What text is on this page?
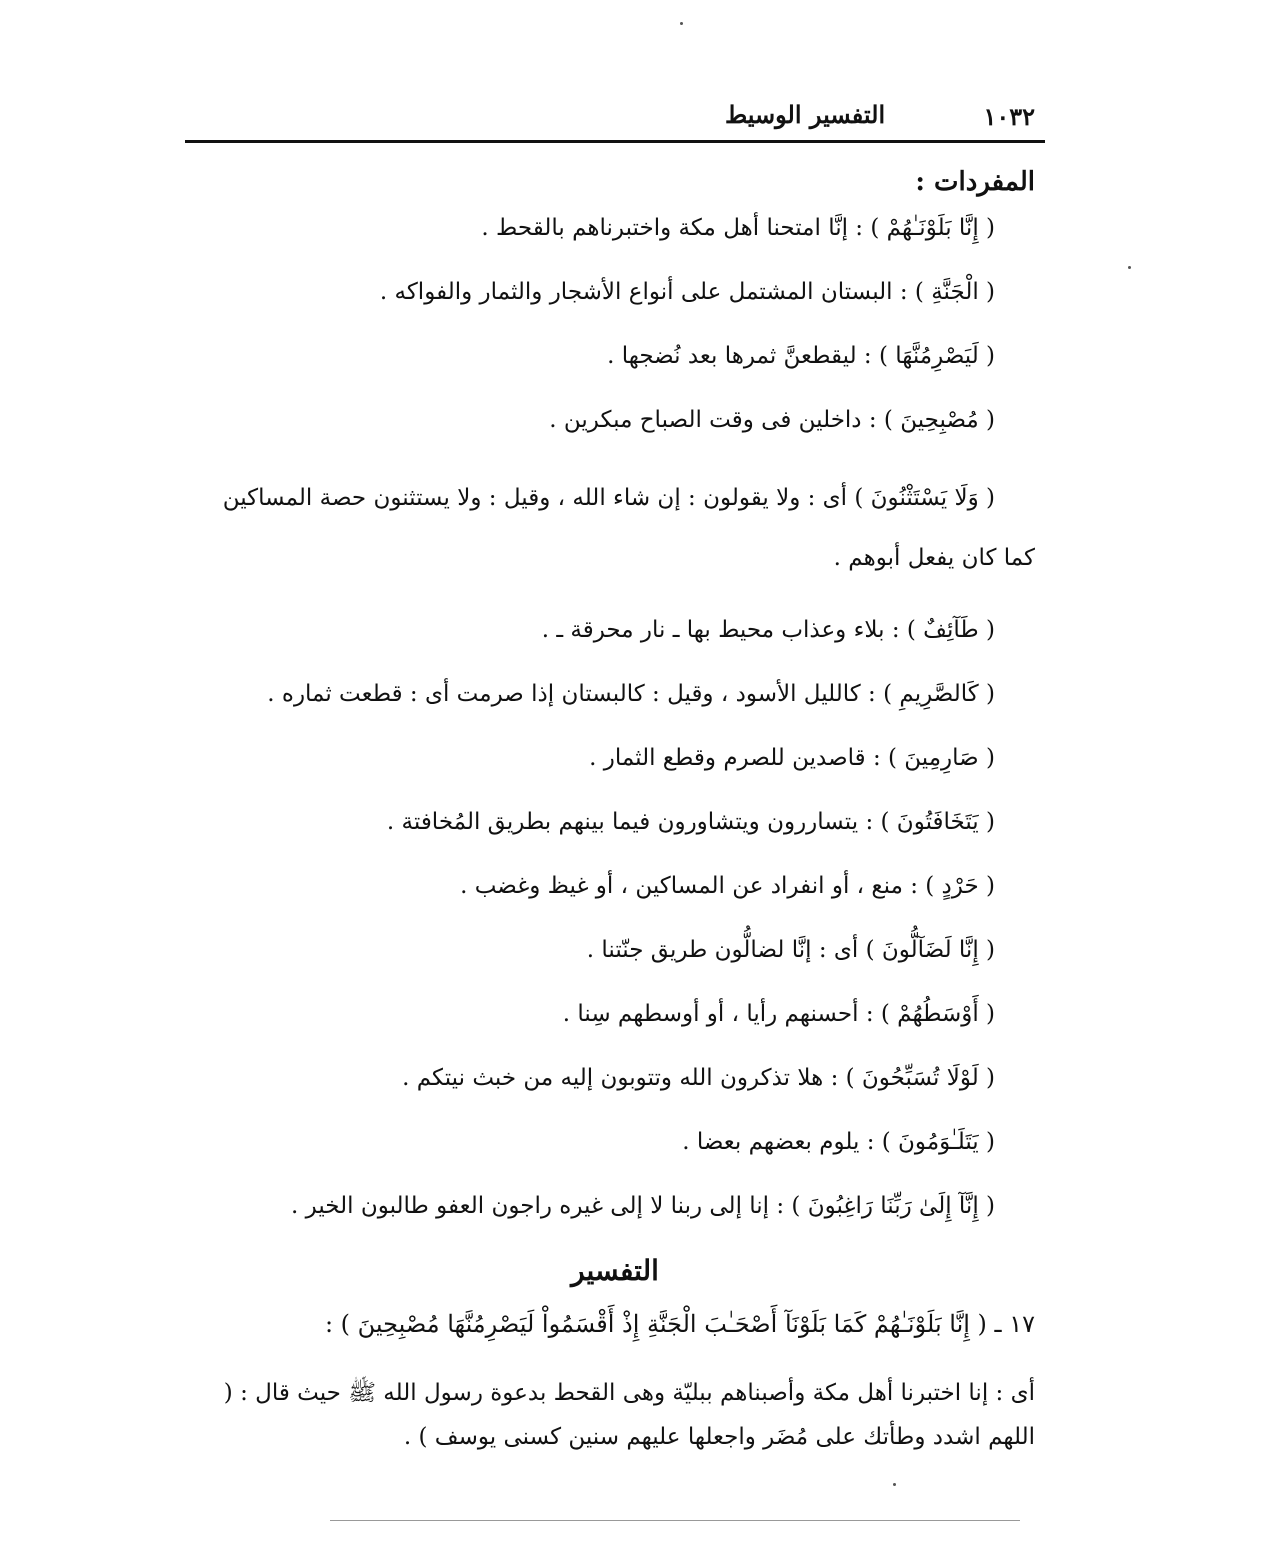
١٠٣٢
التفسير الوسيط
المفردات :
( إِنَّا بَلَوْنَـٰهُمْ ) : إنَّا امتحنا أهل مكة واختبرناهم بالقحط .
( الْجَنَّةِ ) : البستان المشتمل على أنواع الأشجار والثمار والفواكه .
( لَيَصْرِمُنَّهَا ) : ليقطعنَّ ثمرها بعد نُضجها .
( مُصْبِحِينَ ) : داخلين فى وقت الصباح مبكرين .
( وَلَا يَسْتَثْنُونَ ) أى : ولا يقولون : إن شاء الله ، وقيل : ولا يستثنون حصة المساكين كما كان يفعل أبوهم .
( طَآئِفٌ ) : بلاء وعذاب محيط بها ـ نار محرقة ـ .
( كَالصَّرِيمِ ) : كالليل الأسود ، وقيل : كالبستان إذا صرمت أى : قطعت ثماره .
( صَارِمِينَ ) : قاصدين للصرم وقطع الثمار .
( يَتَخَافَتُونَ ) : يتساررون ويتشاورون فيما بينهم بطريق المُخافتة .
( حَرْدٍ ) : منع ، أو انفراد عن المساكين ، أو غيظ وغضب .
( إِنَّا لَضَآلُّونَ ) أى : إنَّا لضالُّون طريق جنّتنا .
( أَوْسَطُهُمْ ) : أحسنهم رأيا ، أو أوسطهم سِنا .
( لَوْلَا تُسَبِّحُونَ ) : هلا تذكرون الله وتتوبون إليه من خبث نيتكم .
( يَتَلَـٰوَمُونَ ) : يلوم بعضهم بعضا .
( إِنَّآ إِلَىٰ رَبِّنَا رَاغِبُونَ ) : إنا إلى ربنا لا إلى غيره راجون العفو طالبون الخير .
التفسير
١٧ ـ ( إِنَّا بَلَوْنَـٰهُمْ كَمَا بَلَوْنَآ أَصْحَـٰبَ الْجَنَّةِ إِذْ أَقْسَمُواْ لَيَصْرِمُنَّهَا مُصْبِحِينَ ) :
أى : إنا اختبرنا أهل مكة وأصبناهم ببليّة وهى القحط بدعوة رسول الله ﷺ حيث قال : ( اللهم اشدد وطأتك على مُضَر واجعلها عليهم سنين كسنى يوسف ) .
